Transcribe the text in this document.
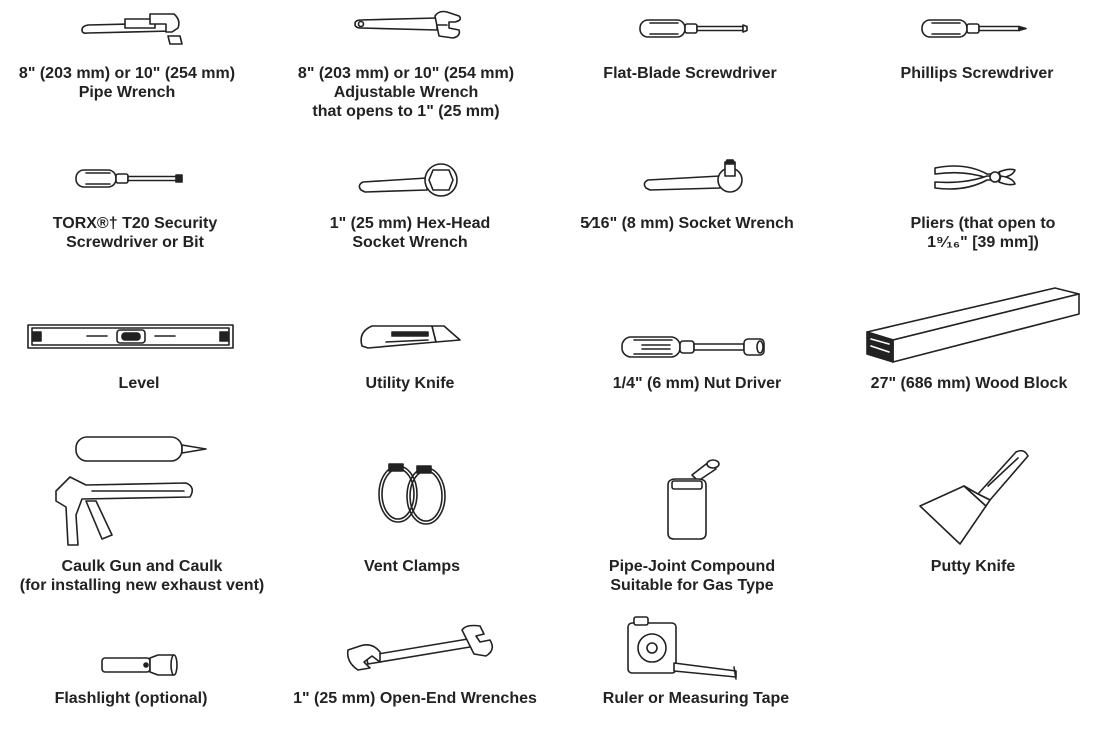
8" (203 mm) or 10" (254 mm)
Pipe Wrench
8" (203 mm) or 10" (254 mm)
Adjustable Wrench
that opens to 1" (25 mm)
Flat-Blade Screwdriver	Phillips Screwdriver
TORX®† T20 Security
Screwdriver or Bit
1" (25 mm) Hex-Head
Socket Wrench
5⁄16" (8 mm) Socket Wrench	Pliers (that open to
1⁹⁄₁₆" [39 mm])
Level	Utility Knife	1/4" (6 mm) Nut Driver	27" (686 mm) Wood Block
Caulk Gun and Caulk
(for installing new exhaust vent)
Vent Clamps	Pipe-Joint Compound
Suitable for Gas Type
Putty Knife
Flashlight (optional)	1" (25 mm) Open-End Wrenches	Ruler or Measuring Tape
